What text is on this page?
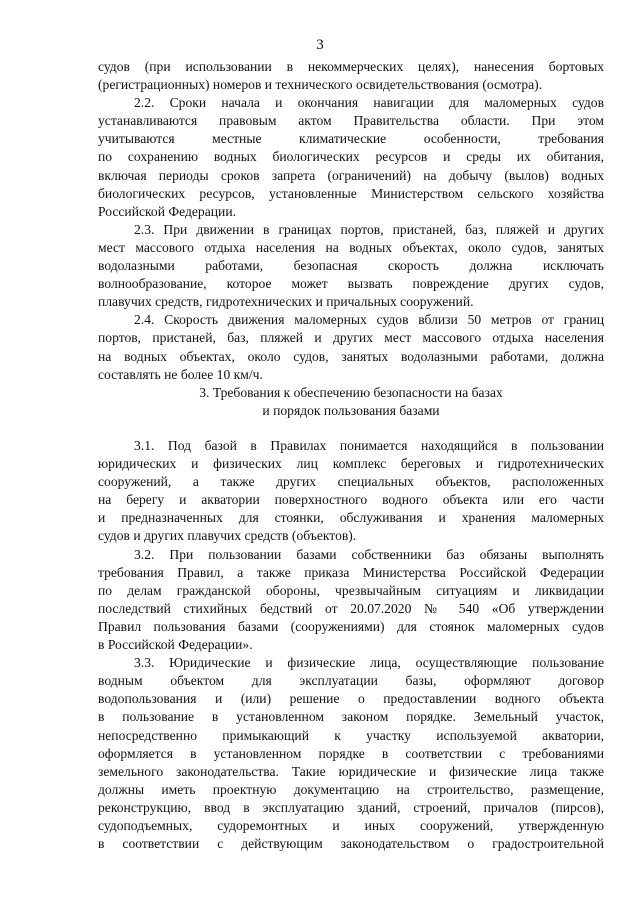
3
судов (при использовании в некоммерческих целях), нанесения бортовых
(регистрационных) номеров и технического освидетельствования (осмотра).
2.2. Сроки начала и окончания навигации для маломерных судов
устанавливаются правовым актом Правительства области. При этом
учитываются местные климатические особенности, требования
по сохранению водных биологических ресурсов и среды их обитания,
включая периоды сроков запрета (ограничений) на добычу (вылов) водных
биологических ресурсов, установленные Министерством сельского хозяйства
Российской Федерации.
2.3. При движении в границах портов, пристаней, баз, пляжей и других
мест массового отдыха населения на водных объектах, около судов, занятых
водолазными работами, безопасная скорость должна исключать
волнообразование, которое может вызвать повреждение других судов,
плавучих средств, гидротехнических и причальных сооружений.
2.4. Скорость движения маломерных судов вблизи 50 метров от границ
портов, пристаней, баз, пляжей и других мест массового отдыха населения
на водных объектах, около судов, занятых водолазными работами, должна
составлять не более 10 км/ч.
3. Требования к обеспечению безопасности на базах
и порядок пользования базами
3.1. Под базой в Правилах понимается находящийся в пользовании
юридических и физических лиц комплекс береговых и гидротехнических
сооружений, а также других специальных объектов, расположенных
на берегу и акватории поверхностного водного объекта или его части
и предназначенных для стоянки, обслуживания и хранения маломерных
судов и других плавучих средств (объектов).
3.2. При пользовании базами собственники баз обязаны выполнять
требования Правил, а также приказа Министерства Российской Федерации
по делам гражданской обороны, чрезвычайным ситуациям и ликвидации
последствий стихийных бедствий от 20.07.2020 № 540 «Об утверждении
Правил пользования базами (сооружениями) для стоянок маломерных судов
в Российской Федерации».
3.3. Юридические и физические лица, осуществляющие пользование
водным объектом для эксплуатации базы, оформляют договор
водопользования и (или) решение о предоставлении водного объекта
в пользование в установленном законом порядке. Земельный участок,
непосредственно примыкающий к участку используемой акватории,
оформляется в установленном порядке в соответствии с требованиями
земельного законодательства. Такие юридические и физические лица также
должны иметь проектную документацию на строительство, размещение,
реконструкцию, ввод в эксплуатацию зданий, строений, причалов (пирсов),
судоподъемных, судоремонтных и иных сооружений, утвержденную
в соответствии с действующим законодательством о градостроительной
